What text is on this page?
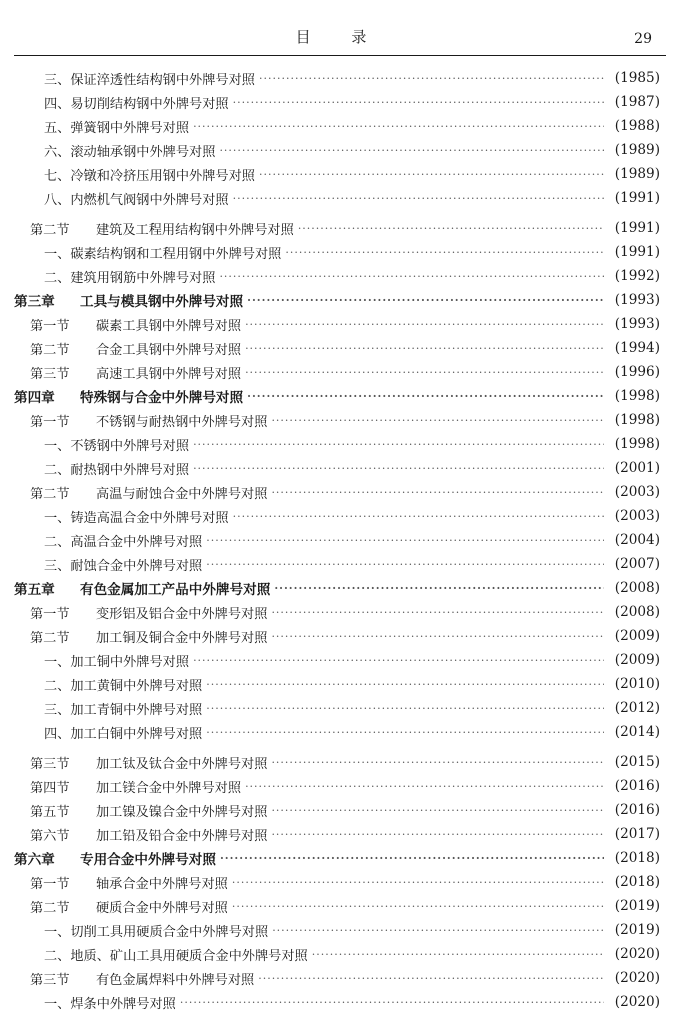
目 录	29
三、保证淬透性结构钢中外牌号对照 ·····	(1985)
四、易切削结构钢中外牌号对照 ·····	(1987)
五、弹簧钢中外牌号对照 ·····	(1988)
六、滚动轴承钢中外牌号对照 ·····	(1989)
七、冷镦和冷挤压用钢中外牌号对照 ·····	(1989)
八、内燃机气阀钢中外牌号对照 ·····	(1991)
第二节 建筑及工程用结构钢中外牌号对照 ·····	(1991)
一、碳素结构钢和工程用钢中外牌号对照 ·····	(1991)
二、建筑用钢筋中外牌号对照 ·····	(1992)
第三章 工具与模具钢中外牌号对照 ·····	(1993)
第一节 碳素工具钢中外牌号对照 ·····	(1993)
第二节 合金工具钢中外牌号对照 ·····	(1994)
第三节 高速工具钢中外牌号对照 ·····	(1996)
第四章 特殊钢与合金中外牌号对照 ·····	(1998)
第一节 不锈钢与耐热钢中外牌号对照 ·····	(1998)
一、不锈钢中外牌号对照 ·····	(1998)
二、耐热钢中外牌号对照 ·····	(2001)
第二节 高温与耐蚀合金中外牌号对照 ·····	(2003)
一、铸造高温合金中外牌号对照 ·····	(2003)
二、高温合金中外牌号对照 ·····	(2004)
三、耐蚀合金中外牌号对照 ·····	(2007)
第五章 有色金属加工产品中外牌号对照 ·····	(2008)
第一节 变形铝及铝合金中外牌号对照 ·····	(2008)
第二节 加工铜及铜合金中外牌号对照 ·····	(2009)
一、加工铜中外牌号对照 ·····	(2009)
二、加工黄铜中外牌号对照 ·····	(2010)
三、加工青铜中外牌号对照 ·····	(2012)
四、加工白铜中外牌号对照 ·····	(2014)
第三节 加工钛及钛合金中外牌号对照 ·····	(2015)
第四节 加工镁合金中外牌号对照 ·····	(2016)
第五节 加工镍及镍合金中外牌号对照 ·····	(2016)
第六节 加工铅及铅合金中外牌号对照 ·····	(2017)
第六章 专用合金中外牌号对照 ·····	(2018)
第一节 轴承合金中外牌号对照 ·····	(2018)
第二节 硬质合金中外牌号对照 ·····	(2019)
一、切削工具用硬质合金中外牌号对照 ·····	(2019)
二、地质、矿山工具用硬质合金中外牌号对照 ·····	(2020)
第三节 有色金属焊料中外牌号对照 ·····	(2020)
一、焊条中外牌号对照 ·····	(2020)
